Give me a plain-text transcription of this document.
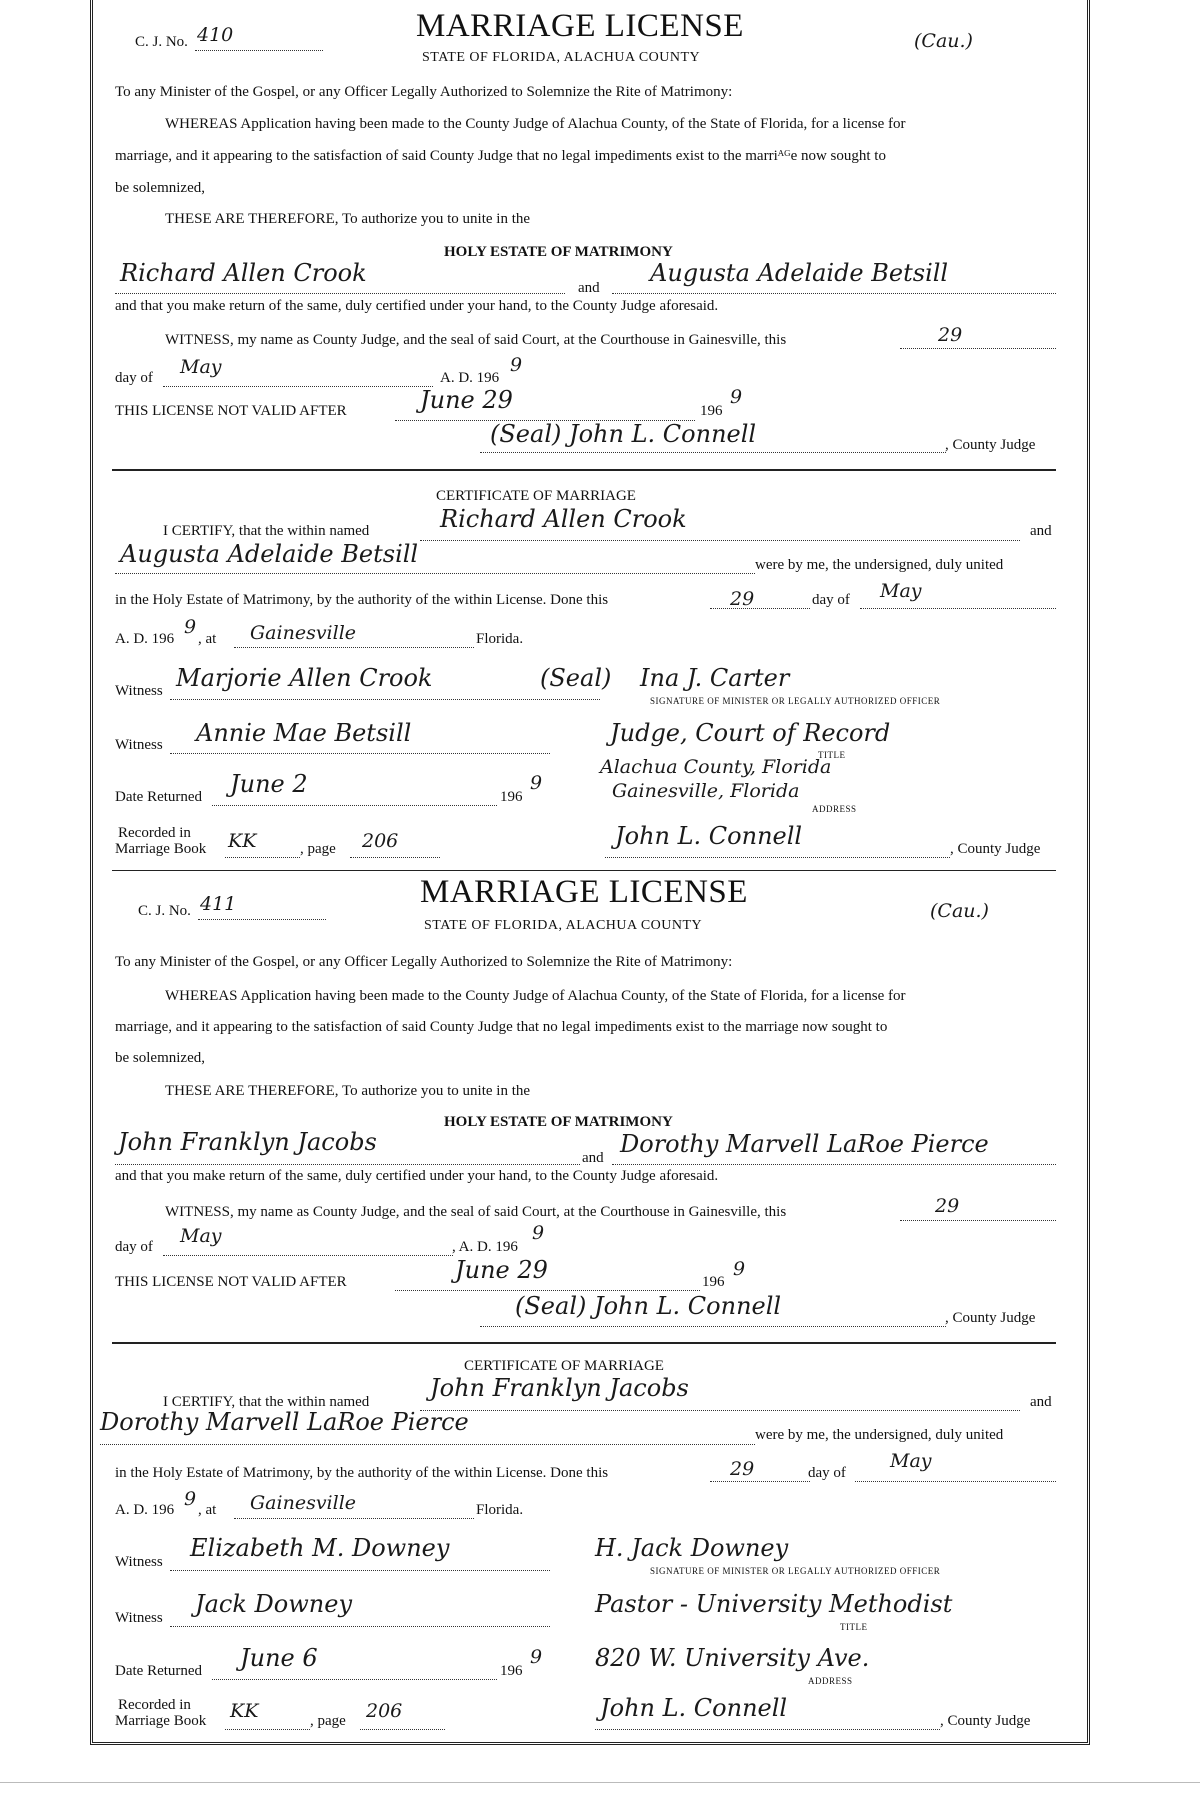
C. J. No. 410	MARRIAGE LICENSE
STATE OF FLORIDA, ALACHUA COUNTY
(Cau.)
To any Minister of the Gospel, or any Officer Legally Authorized to Solemnize the Rite of Matrimony:
WHEREAS Application having been made to the County Judge of Alachua County, of the State of Florida, for a license for
marriage, and it appearing to the satisfaction of said County Judge that no legal impediments exist to the marriᴬᴳe now sought to
be solemnized,
THESE ARE THEREFORE, To authorize you to unite in the
HOLY ESTATE OF MATRIMONY
Richard Allen Crook
and
Augusta Adelaide Betsill
and that you make return of the same, duly certified under your hand, to the County Judge aforesaid.
WITNESS, my name as County Judge, and the seal of said Court, at the Courthouse in Gainesville, this	29
day of May	A. D. 196
9
THIS LICENSE NOT VALID AFTER	June 29	196
9
(Seal) John L. Connell	, County Judge
CERTIFICATE OF MARRIAGE
I CERTIFY, that the within named	Richard Allen Crook	and
Augusta Adelaide Betsill	were by me, the undersigned, duly united
in the Holy Estate of Matrimony, by the authority of the within License. Done this	29	day of May
A. D. 196
9
, at Gainesville	Florida.
Witness Marjorie Allen Crook	(Seal) Ina J. Carter
SIGNATURE OF MINISTER OR LEGALLY AUTHORIZED OFFICER
Witness Annie Mae Betsill	Judge, Court of Record
TITLE
Alachua County, Florida
Date Returned June 2	196
9	Gainesville, Florida
ADDRESS
Recorded in
Marriage Book KK	, page 206	John L. Connell	, County Judge
C. J. No. 411	MARRIAGE LICENSE
STATE OF FLORIDA, ALACHUA COUNTY
(Cau.)
To any Minister of the Gospel, or any Officer Legally Authorized to Solemnize the Rite of Matrimony:
WHEREAS Application having been made to the County Judge of Alachua County, of the State of Florida, for a license for
marriage, and it appearing to the satisfaction of said County Judge that no legal impediments exist to the marriage now sought to
be solemnized,
THESE ARE THEREFORE, To authorize you to unite in the
HOLY ESTATE OF MATRIMONY
John Franklyn Jacobs
and Dorothy Marvell LaRoe Pierce
and that you make return of the same, duly certified under your hand, to the County Judge aforesaid.
WITNESS, my name as County Judge, and the seal of said Court, at the Courthouse in Gainesville, this	29
day of May	, A. D. 196
9
THIS LICENSE NOT VALID AFTER	June 29	196
9
(Seal) John L. Connell	, County Judge
CERTIFICATE OF MARRIAGE
I CERTIFY, that the within named	John Franklyn Jacobs	and
Dorothy Marvell LaRoe Pierce	were by me, the undersigned, duly united
in the Holy Estate of Matrimony, by the authority of the within License. Done this	29	day of
May
A. D. 196 9 , at Gainesville	Florida.
Witness Elizabeth M. Downey	H. Jack Downey
SIGNATURE OF MINISTER OR LEGALLY AUTHORIZED OFFICER
Witness Jack Downey	Pastor - University Methodist
TITLE
Date Returned June 6	196
9 820 W. University Ave.
ADDRESS
Recorded in
Marriage Book KK	, page 206	John L. Connell	, County Judge
